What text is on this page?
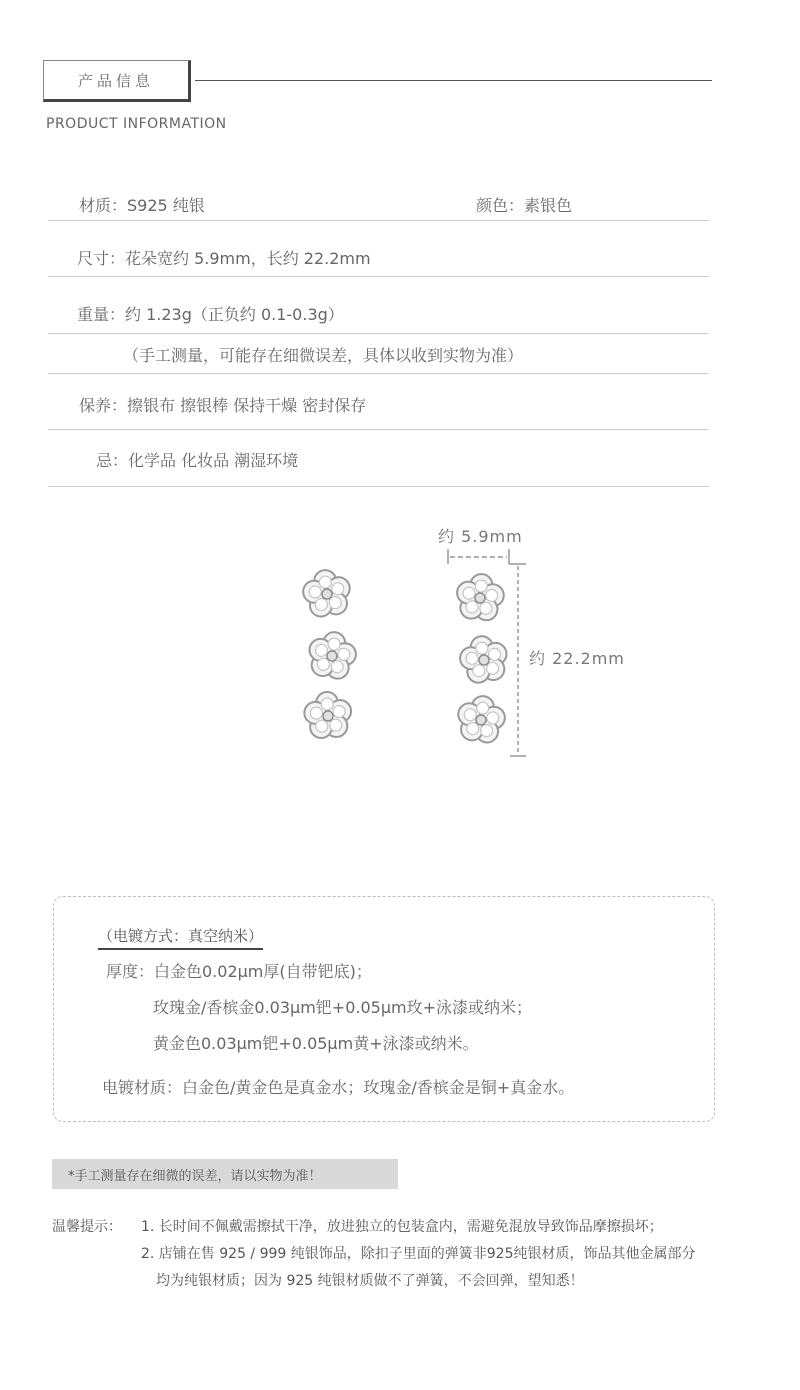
产品信息
PRODUCT INFORMATION
材质：S925 纯银	颜色：素银色
尺寸：花朵宽约 5.9mm，长约 22.2mm
重量：约 1.23g（正负约 0.1-0.3g）
（手工测量，可能存在细微误差，具体以收到实物为准）
保养：擦银布 擦银棒 保持干燥 密封保存
忌：化学品 化妆品 潮湿环境
约 5.9mm
约 22.2mm
（电镀方式：真空纳米）
厚度：白金色0.02μm厚(自带钯底)；
玫瑰金/香槟金0.03μm钯+0.05μm玫+泳漆或纳米；
黄金色0.03μm钯+0.05μm黄+泳漆或纳米。
电镀材质：白金色/黄金色是真金水；玫瑰金/香槟金是铜+真金水。
*手工测量存在细微的误差，请以实物为准！
温馨提示： 1. 长时间不佩戴需擦拭干净，放进独立的包装盒内，需避免混放导致饰品摩擦损坏；
2. 店铺在售 925 / 999 纯银饰品，除扣子里面的弹簧非925纯银材质，饰品其他金属部分
均为纯银材质；因为 925 纯银材质做不了弹簧，不会回弹，望知悉！
